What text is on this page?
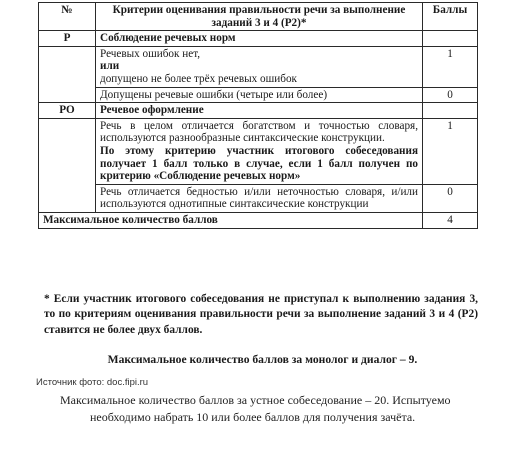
№	Критерии оценивания правильности речи за выполнение заданий 3 и 4 (Р2)*	Баллы
Р	Соблюдение речевых норм	

	Речевых ошибок нет,
или
допущено не более трёх речевых ошибок	1
	Допущены речевые ошибки (четыре или более)	0
РО	Речевое оформление	

	Речь в целом отличается богатством и точностью словаря, используются разнообразные синтаксические конструкции.
По этому критерию участник итогового собеседования получает 1 балл только в случае, если 1 балл получен по критерию «Соблюдение речевых норм»	1
	Речь отличается бедностью и/или неточностью словаря, и/или используются однотипные синтаксические конструкции	0
Максимальное количество баллов		4
* Если участник итогового собеседования не приступал к выполнению задания 3, то по критериям оценивания правильности речи за выполнение заданий 3 и 4 (Р2) ставится не более двух баллов.
Максимальное количество баллов за монолог и диалог – 9.
Источник фото: doc.fipi.ru
Максимальное количество баллов за устное собеседование – 20. Испытуемо
необходимо набрать 10 или более баллов для получения зачёта.
